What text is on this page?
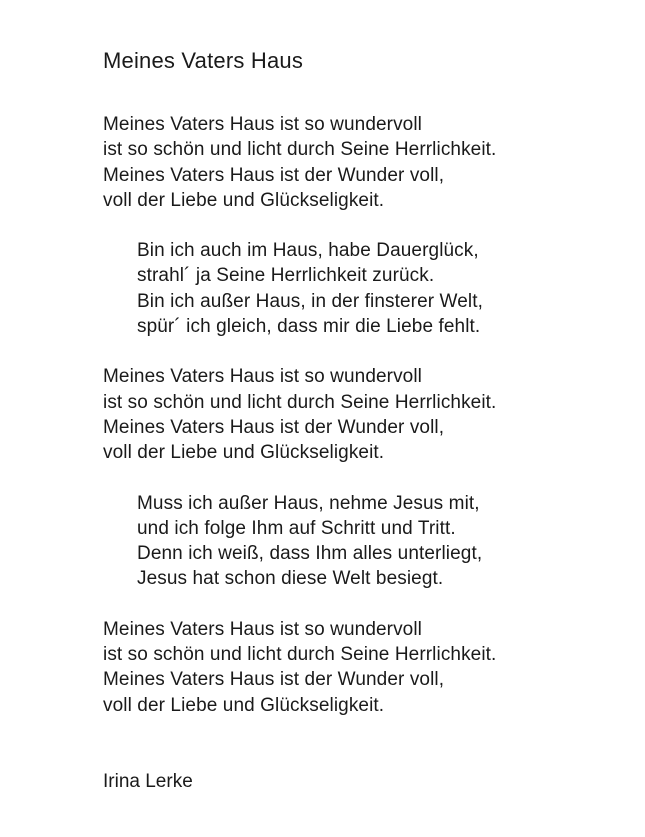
Meines Vaters Haus

Meines Vaters Haus ist so wundervoll

ist so schön und licht durch Seine Herrlichkeit.

Meines Vaters Haus ist der Wunder voll,

voll der Liebe und Glückseligkeit.

Bin ich auch im Haus, habe Dauerglück,

strahl´ ja Seine Herrlichkeit zurück.

Bin ich außer Haus, in der finsterer Welt,

spür´ ich gleich, dass mir die Liebe fehlt.

Meines Vaters Haus ist so wundervoll

ist so schön und licht durch Seine Herrlichkeit.

Meines Vaters Haus ist der Wunder voll,

voll der Liebe und Glückseligkeit.

Muss ich außer Haus, nehme Jesus mit,

und ich folge Ihm auf Schritt und Tritt.

Denn ich weiß, dass Ihm alles unterliegt,

Jesus hat schon diese Welt besiegt.

Meines Vaters Haus ist so wundervoll

ist so schön und licht durch Seine Herrlichkeit.

Meines Vaters Haus ist der Wunder voll,

voll der Liebe und Glückseligkeit.

Irina Lerke
